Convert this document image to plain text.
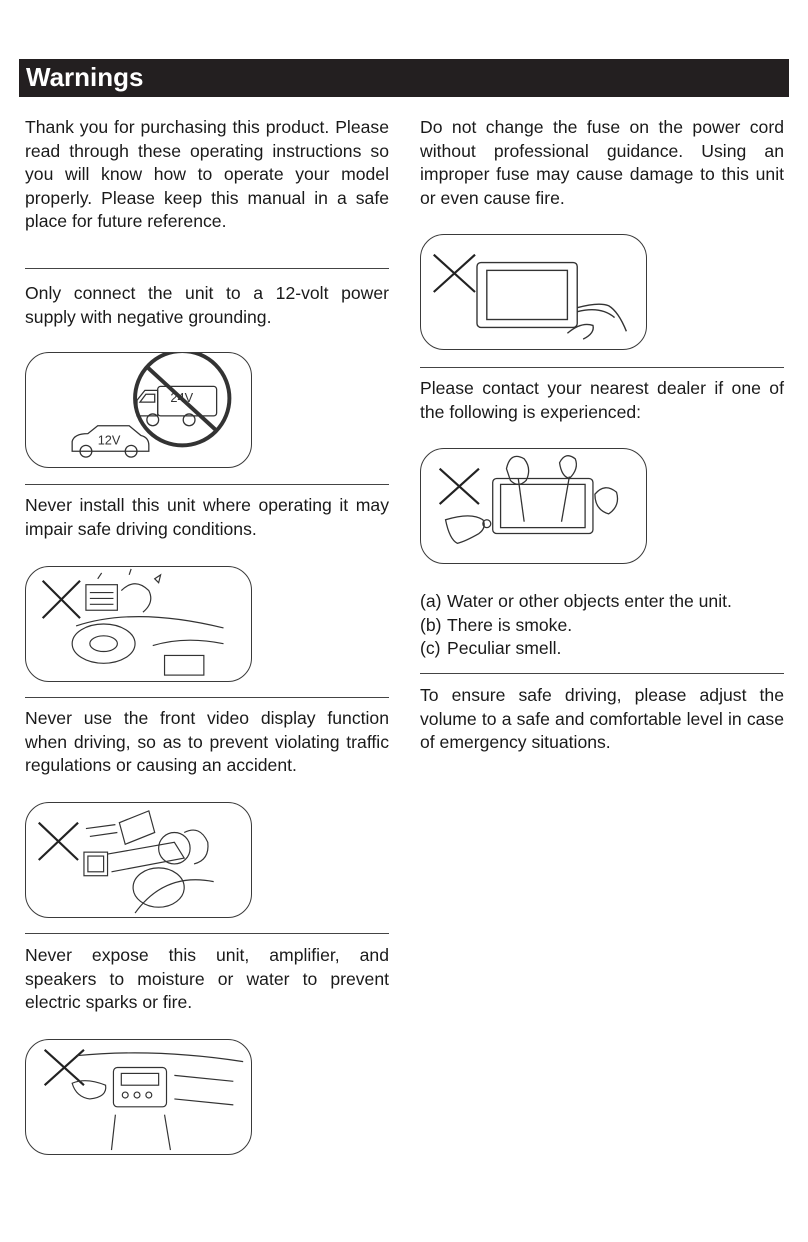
Warnings

Thank you for purchasing this product. Please read through these operating instructions so you will know how to operate your model properly. Please keep this manual in a safe place for future reference.

Only connect the unit to a 12-volt power supply with negative grounding.

24V
12V

Never install this unit where operating it may impair safe driving conditions.

Never use the front video display function when driving, so as to prevent violating traffic regulations or causing an accident.

Never expose this unit, amplifier, and speakers to moisture or water to prevent electric sparks or fire.

Do not change the fuse on the power cord without professional guidance. Using an improper fuse may cause damage to this unit or even cause fire.

Please contact your nearest dealer if one of the following is experienced:

(a) Water or other objects enter the unit.
(b) There is smoke.
(c) Peculiar smell.

To ensure safe driving, please adjust the volume to a safe and comfortable level in case of emergency situations.
